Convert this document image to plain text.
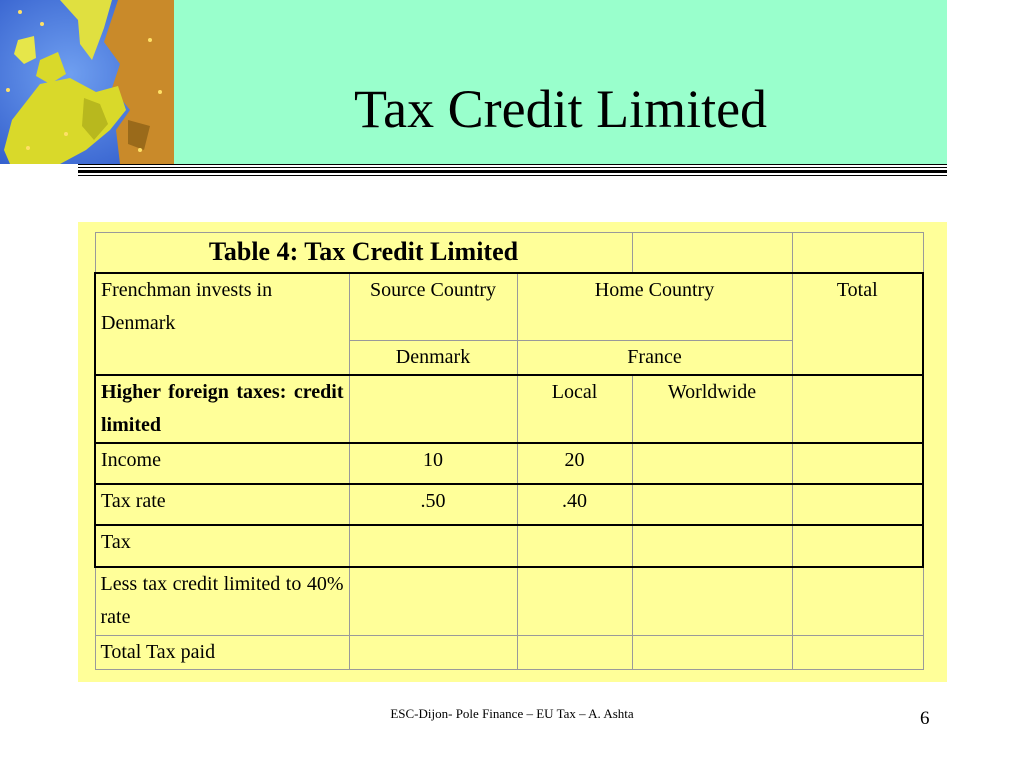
Tax Credit Limited
Table 4: Tax Credit Limited				
Frenchman invests in Denmark	Source Country	Home Country		Total
	Denmark	France		
Higher foreign taxes: credit limited		Local	Worldwide	
Income	10	20		
Tax rate	.50	.40		
Tax				
Less tax credit limited to 40% rate				
Total Tax paid				
ESC-Dijon- Pole Finance – EU Tax – A. Ashta	6
